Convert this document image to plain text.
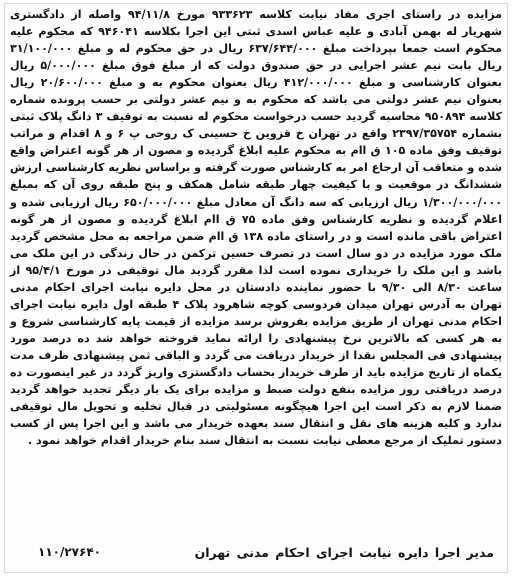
مزایده در راستای اجری مفاد نیابت کلاسه ۹۳۳۶۲۳ مورخ ۹۴/۱۱/۸ واصله از دادگستری شهریار له بهمن آبادی و علیه عباس اسدی ثبتی این اجرا بکلاسه ۹۴۶۰۴۱ که محکوم علیه محکوم است جمعا بپرداخت مبلغ ۶۳۷/۶۴۴/۰۰۰ ریال در حق محکوم له و مبلغ ۳۱/۱۰۰/۰۰۰ ریال بابت نیم عشر اجرایی در حق صندوق دولت که از مبلغ فوق مبلغ ۵/۰۰۰/۰۰۰ ریال بعنوان کارشناسی و مبلغ ۴۱۲/۰۰۰/۰۰۰ ریال بعنوان محکوم به و مبلغ ۲۰/۶۰۰/۰۰۰ ریال بعنوان نیم عشر دولتی می باشد که محکوم به و نیم عشر دولتی بر حسب پرونده شماره کلاسه ۹۵۰۸۹۴ محاسبه گردید حسب درخواست محکوم له نسبت به توقیف ۳ دانگ پلاک ثبتی بشماره ۲۳۹۷/۳۵۷۵۴ واقع در تهران خ قزوین خ حسینی ک روحی پ ۶ و ۸ اقدام و مراتب توقیف وفق ماده ۱۰۵ ق اام به محکوم علیه ابلاغ گردیده و مصون از هر گونه اعتراض واقع شده و متعاقب آن ارجاع امر به کارشناس صورت گرفته و براساس نظریه کارشناسی ارزش ششدانگ در موقعیت و با کیفیت چهار طبقه شامل همکف و پنج طبقه روی آن که بمبلغ ۱/۳۰۰/۰۰۰/۰۰۰ ریال ارزیابی که سه دانگ آن معادل مبلغ ۶۵۰/۰۰۰/۰۰۰ ریال ارزیابی شده و اعلام گردیده و نظریه کارشناس وفق ماده ۷۵ ق اام ابلاغ گردیده و مصون از هر گونه اعتراض باقی مانده است و در راستای ماده ۱۳۸ ق اام ضمن مراجعه به محل مشخص گردید ملک مورد مزایده در دو سال است در تصرف حسین ترکمن در حال زندگی در این ملک می باشد و این ملک را خریداری نموده است لذا مقرر گردید مال توقیفی در مورخ ۹۵/۴/۱ از ساعت ۸/۳۰ الی ۹/۳۰ با حضور نماینده دادستان در محل دایره نیابت اجرای احکام مدنی تهران به آدرس تهران میدان فردوسی کوچه شاهرود پلاک ۴ طبقه اول دایره نیابت اجرای احکام مدنی تهران از طریق مزایده بفروش برسد مزایده از قیمت پایه کارشناسی شروع و به هر کسی که بالاترین نرخ پیشنهادی را ارائه نماید فروخته خواهد شد ده درصد مورد پیشنهادی فی المجلس نقدا از خریدار دریافت می گردد و الباقی ثمن پیشنهادی ظرف مدت یکماه از تاریخ مزایده باید از طرف خریدار بحساب دادگستری واریز گردد در غیر اینصورت ده درصد دریافتی روز مزایده بنفع دولت ضبط و مزایده برای یک بار دیگر تجدید خواهد گردید ضمنا لازم به ذکر است این اجرا هیچگونه مسئولیتی در قبال تخلیه و تحویل مال توقیفی ندارد و کلیه هزینه های نقل و انتقال سند بعهده خریدار می باشد و این اجرا پس از کسب دستور تملیک از مرجع معطی نیابت نسبت به انتقال سند بنام خریدار اقدام خواهد نمود .
مدیر اجرا دایره نیابت اجرای احکام مدنی تهران
۱۱۰/۲۷۶۴۰
